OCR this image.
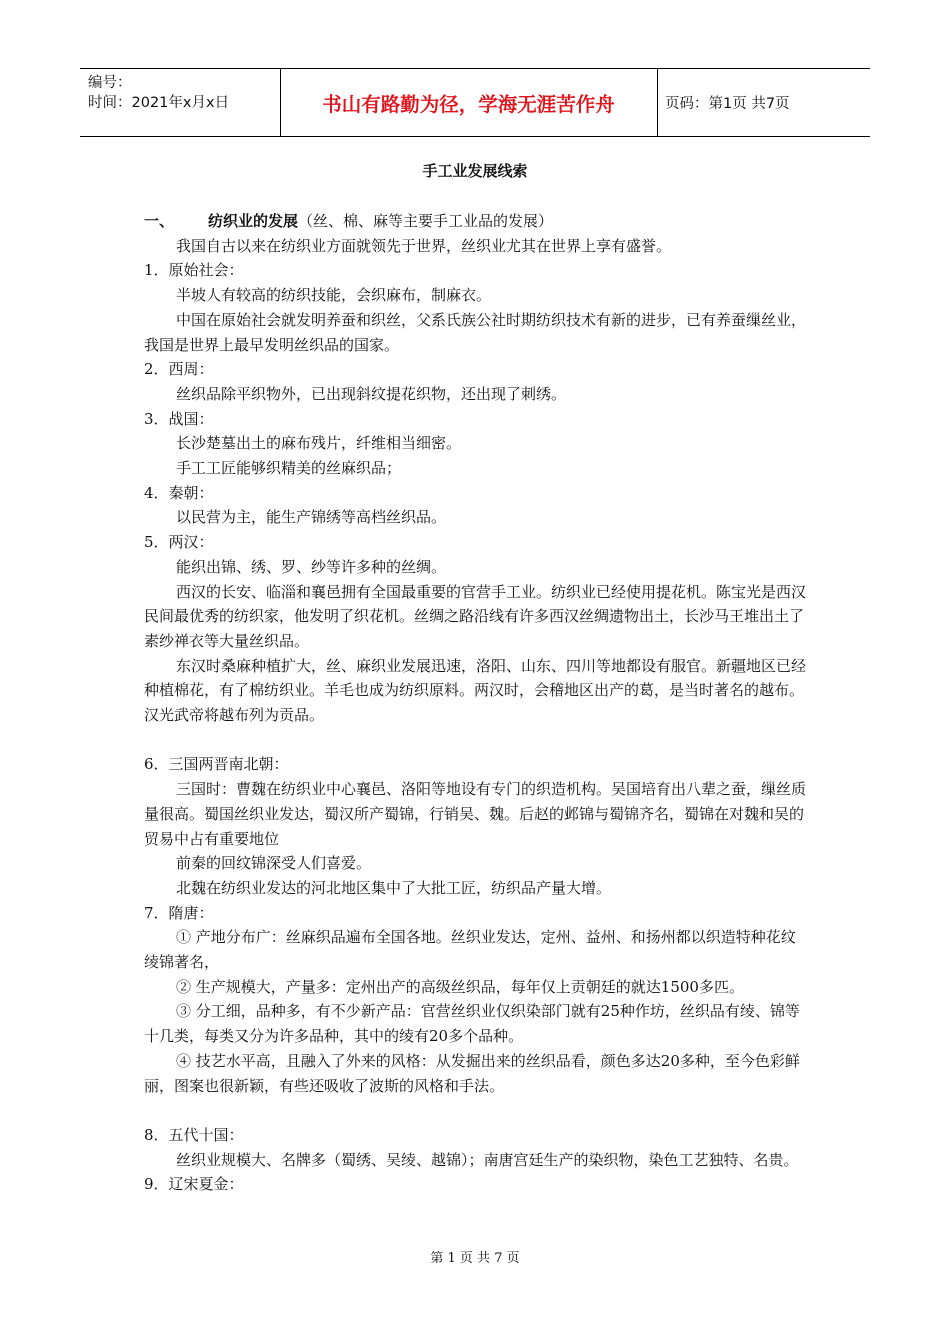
编号：
时间：2021年x月x日	书山有路勤为径，学海无涯苦作舟	页码：第1页 共7页
手工业发展线索

一、 纺织业的发展（丝、棉、麻等主要手工业品的发展）

我国自古以来在纺织业方面就领先于世界，丝织业尤其在世界上享有盛誉。

1．原始社会：

半坡人有较高的纺织技能，会织麻布，制麻衣。

中国在原始社会就发明养蚕和织丝，父系氏族公社时期纺织技术有新的进步，已有养蚕缫丝业，我国是世界上最早发明丝织品的国家。

2．西周：

丝织品除平织物外，已出现斜纹提花织物，还出现了刺绣。

3．战国：

长沙楚墓出土的麻布残片，纤维相当细密。

手工工匠能够织精美的丝麻织品；

4．秦朝：

以民营为主，能生产锦绣等高档丝织品。

5．两汉：

能织出锦、绣、罗、纱等许多种的丝绸。

西汉的长安、临淄和襄邑拥有全国最重要的官营手工业。纺织业已经使用提花机。陈宝光是西汉民间最优秀的纺织家，他发明了织花机。丝绸之路沿线有许多西汉丝绸遗物出土，长沙马王堆出土了素纱禅衣等大量丝织品。

东汉时桑麻种植扩大，丝、麻织业发展迅速，洛阳、山东、四川等地都设有服官。新疆地区已经种植棉花，有了棉纺织业。羊毛也成为纺织原料。两汉时，会稽地区出产的葛，是当时著名的越布。汉光武帝将越布列为贡品。

6．三国两晋南北朝：

三国时：曹魏在纺织业中心襄邑、洛阳等地设有专门的织造机构。吴国培育出八辈之蚕，缫丝质量很高。蜀国丝织业发达，蜀汉所产蜀锦，行销吴、魏。后赵的邺锦与蜀锦齐名，蜀锦在对魏和吴的贸易中占有重要地位

前秦的回纹锦深受人们喜爱。

北魏在纺织业发达的河北地区集中了大批工匠，纺织品产量大增。

7．隋唐：

① 产地分布广：丝麻织品遍布全国各地。丝织业发达，定州、益州、和扬州都以织造特种花纹绫锦著名，

② 生产规模大，产量多：定州出产的高级丝织品，每年仅上贡朝廷的就达1500多匹。

③ 分工细，品种多，有不少新产品：官营丝织业仅织染部门就有25种作坊，丝织品有绫、锦等十几类，每类又分为许多品种，其中的绫有20多个品种。

④ 技艺水平高，且融入了外来的风格：从发掘出来的丝织品看，颜色多达20多种，至今色彩鲜丽，图案也很新颖，有些还吸收了波斯的风格和手法。

8．五代十国：

丝织业规模大、名牌多（蜀绣、吴绫、越锦）；南唐宫廷生产的染织物，染色工艺独特、名贵。

9．辽宋夏金：

第 1 页 共 7 页
